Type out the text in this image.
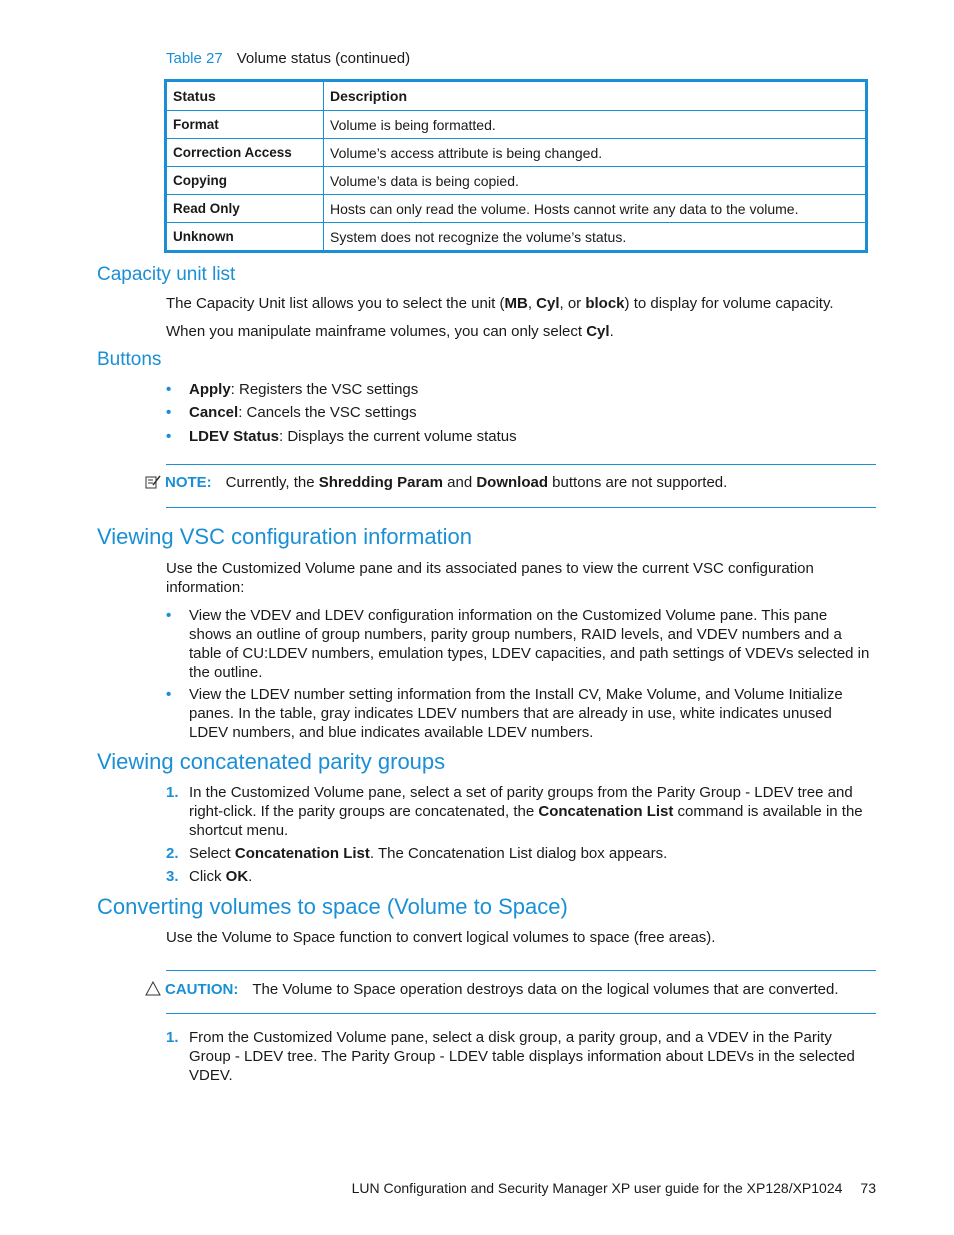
Table 27 Volume status (continued)
Status	Description
Format	Volume is being formatted.
Correction Access	Volume’s access attribute is being changed.
Copying	Volume’s data is being copied.
Read Only	Hosts can only read the volume. Hosts cannot write any data to the volume.
Unknown	System does not recognize the volume’s status.
Capacity unit list

The Capacity Unit list allows you to select the unit (MB, Cyl, or block) to display for volume capacity.

When you manipulate mainframe volumes, you can only select Cyl.

Buttons
• Apply: Registers the VSC settings
• Cancel: Cancels the VSC settings
• LDEV Status: Displays the current volume status
NOTE: Currently, the Shredding Param and Download buttons are not supported.
Viewing VSC configuration information

Use the Customized Volume pane and its associated panes to view the current VSC configuration information:

• View the VDEV and LDEV configuration information on the Customized Volume pane. This pane shows an outline of group numbers, parity group numbers, RAID levels, and VDEV numbers and a table of CU:LDEV numbers, emulation types, LDEV capacities, and path settings of VDEVs selected in the outline.
• View the LDEV number setting information from the Install CV, Make Volume, and Volume Initialize panes. In the table, gray indicates LDEV numbers that are already in use, white indicates unused LDEV numbers, and blue indicates available LDEV numbers.
Viewing concatenated parity groups
1. In the Customized Volume pane, select a set of parity groups from the Parity Group - LDEV tree and right-click. If the parity groups are concatenated, the Concatenation List command is available in the shortcut menu.
2. Select Concatenation List. The Concatenation List dialog box appears.
3. Click OK.
Converting volumes to space (Volume to Space)

Use the Volume to Space function to convert logical volumes to space (free areas).

CAUTION: The Volume to Space operation destroys data on the logical volumes that are converted.
1. From the Customized Volume pane, select a disk group, a parity group, and a VDEV in the Parity Group - LDEV tree. The Parity Group - LDEV table displays information about LDEVs in the selected VDEV.
LUN Configuration and Security Manager XP user guide for the XP128/XP1024 73
